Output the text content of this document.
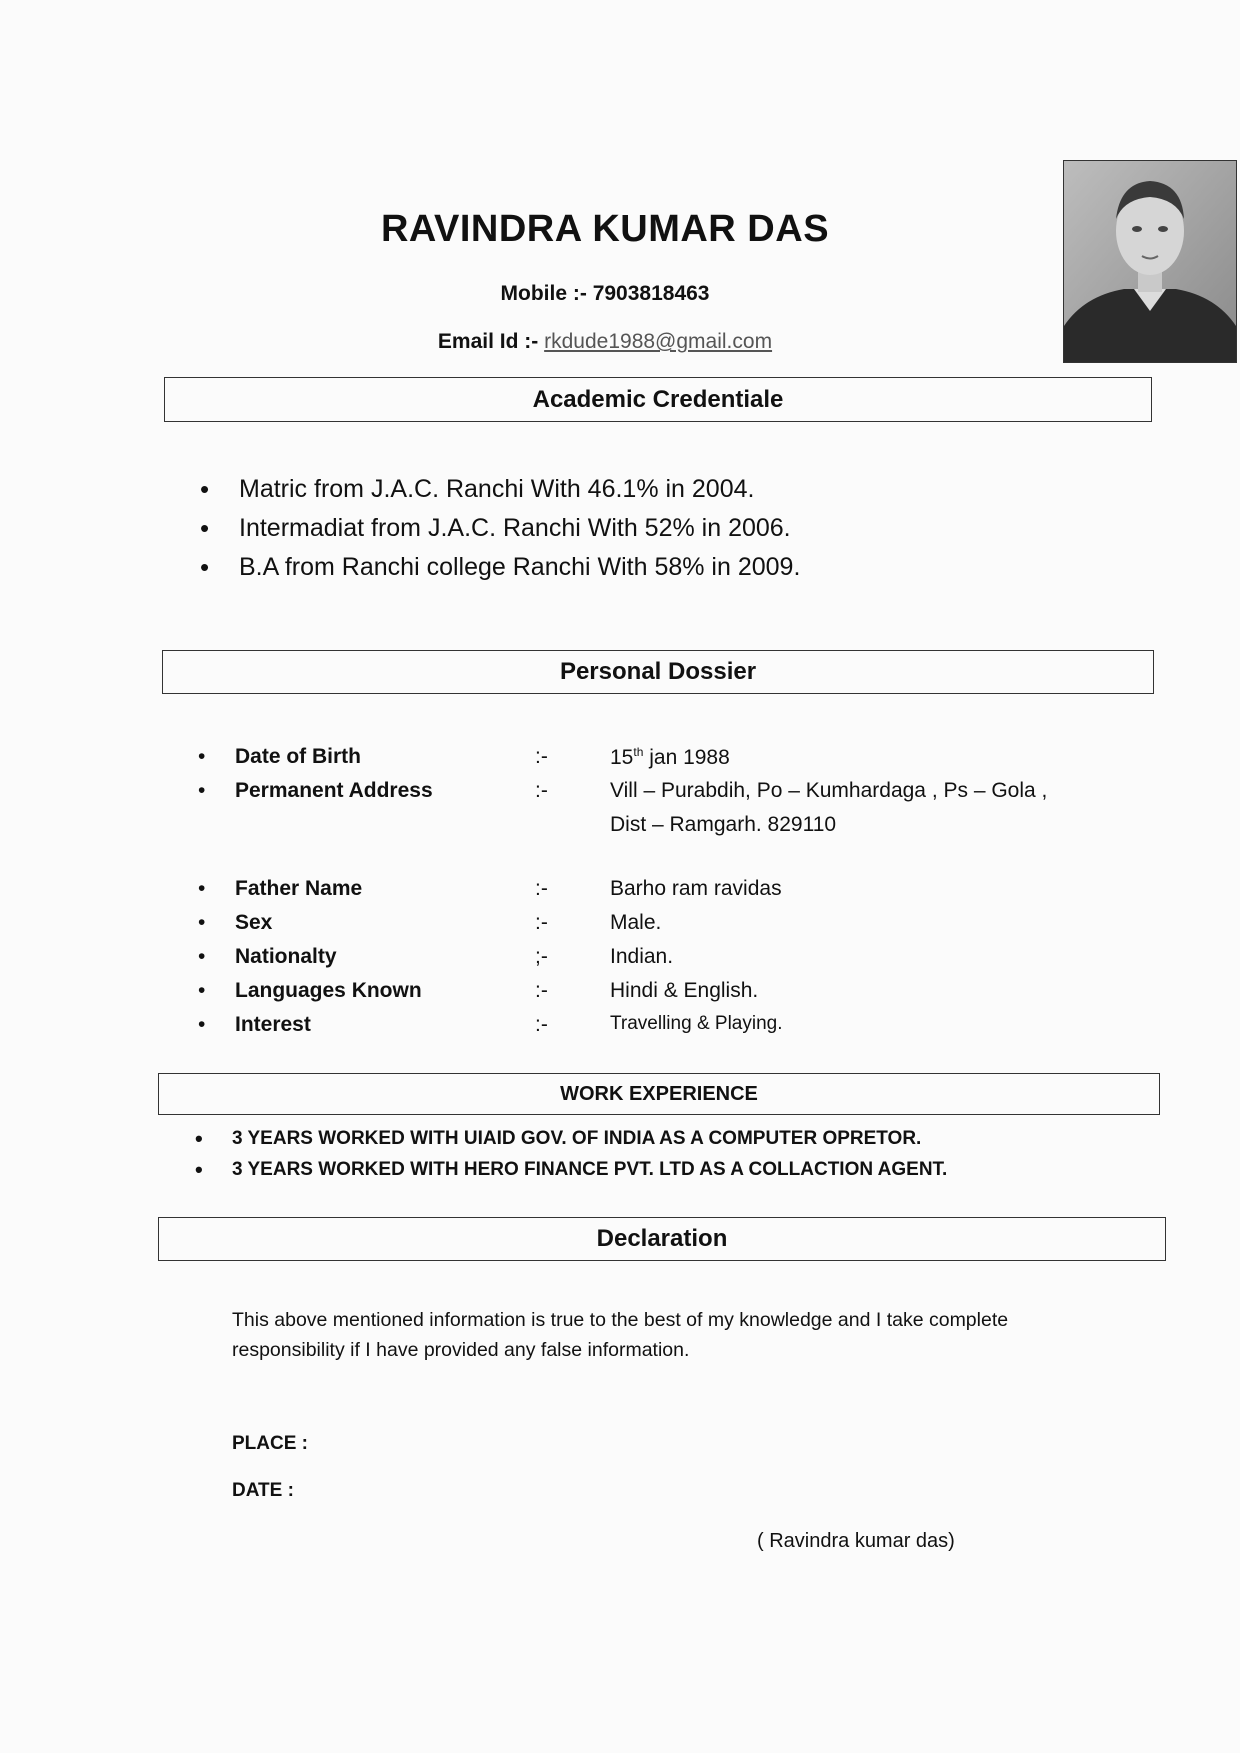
RAVINDRA KUMAR DAS
Mobile :- 7903818463
Email Id :- rkdude1988@gmail.com
Academic Credentiale
• Matric from J.A.C. Ranchi With 46.1% in 2004.
• Intermadiat from J.A.C. Ranchi With 52% in 2006.
• B.A from Ranchi college Ranchi With 58% in 2009.
Personal Dossier
• Date of Birth	:-	15th jan 1988
• Permanent Address	:-	Vill – Purabdih, Po – Kumhardaga , Ps – Gola ,
Dist – Ramgarh. 829110
• Father Name	:-	Barho ram ravidas
• Sex	:-	Male.
• Nationalty	;-	Indian.
• Languages Known	:-	Hindi & English.
• Interest	:-	Travelling & Playing.
WORK EXPERIENCE
• 3 YEARS WORKED WITH UIAID GOV. OF INDIA AS A COMPUTER OPRETOR.
• 3 YEARS WORKED WITH HERO FINANCE PVT. LTD AS A COLLACTION AGENT.
Declaration
This above mentioned information is true to the best of my knowledge and I take complete responsibility if I have provided any false information.
PLACE :
DATE :
( Ravindra kumar das)
